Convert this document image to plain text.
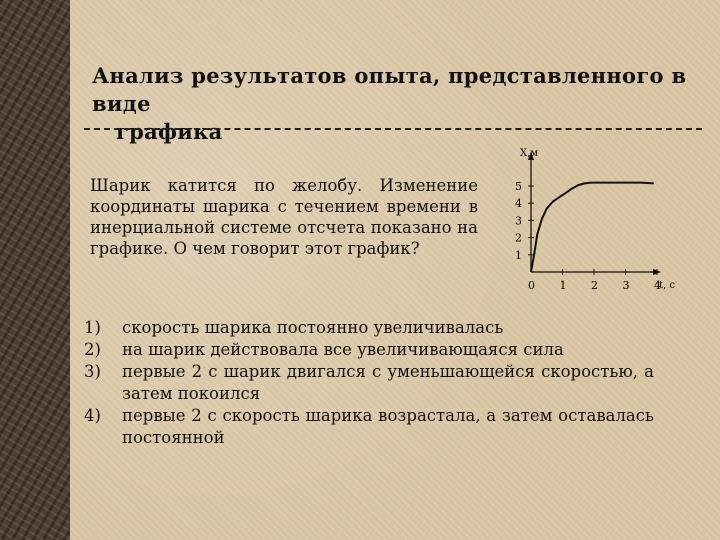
Анализ результатов опыта, представленного в виде
графика
Шарик катится по желобу. Изменение координаты шарика с течением времени в инерциальной системе отсчета показано на графике. О чем говорит этот график?
1)	скорость шарика постоянно увеличивалась
2)	на шарик действовала все увеличивающаяся сила
3)	первые 2 с шарик двигался с уменьшающейся скоростью, а затем покоился
4)	первые 2 с скорость шарика возрастала, а затем оставалась постоянной
X,м
t, c
1
2
3
4
5
0 1 2 3 4
